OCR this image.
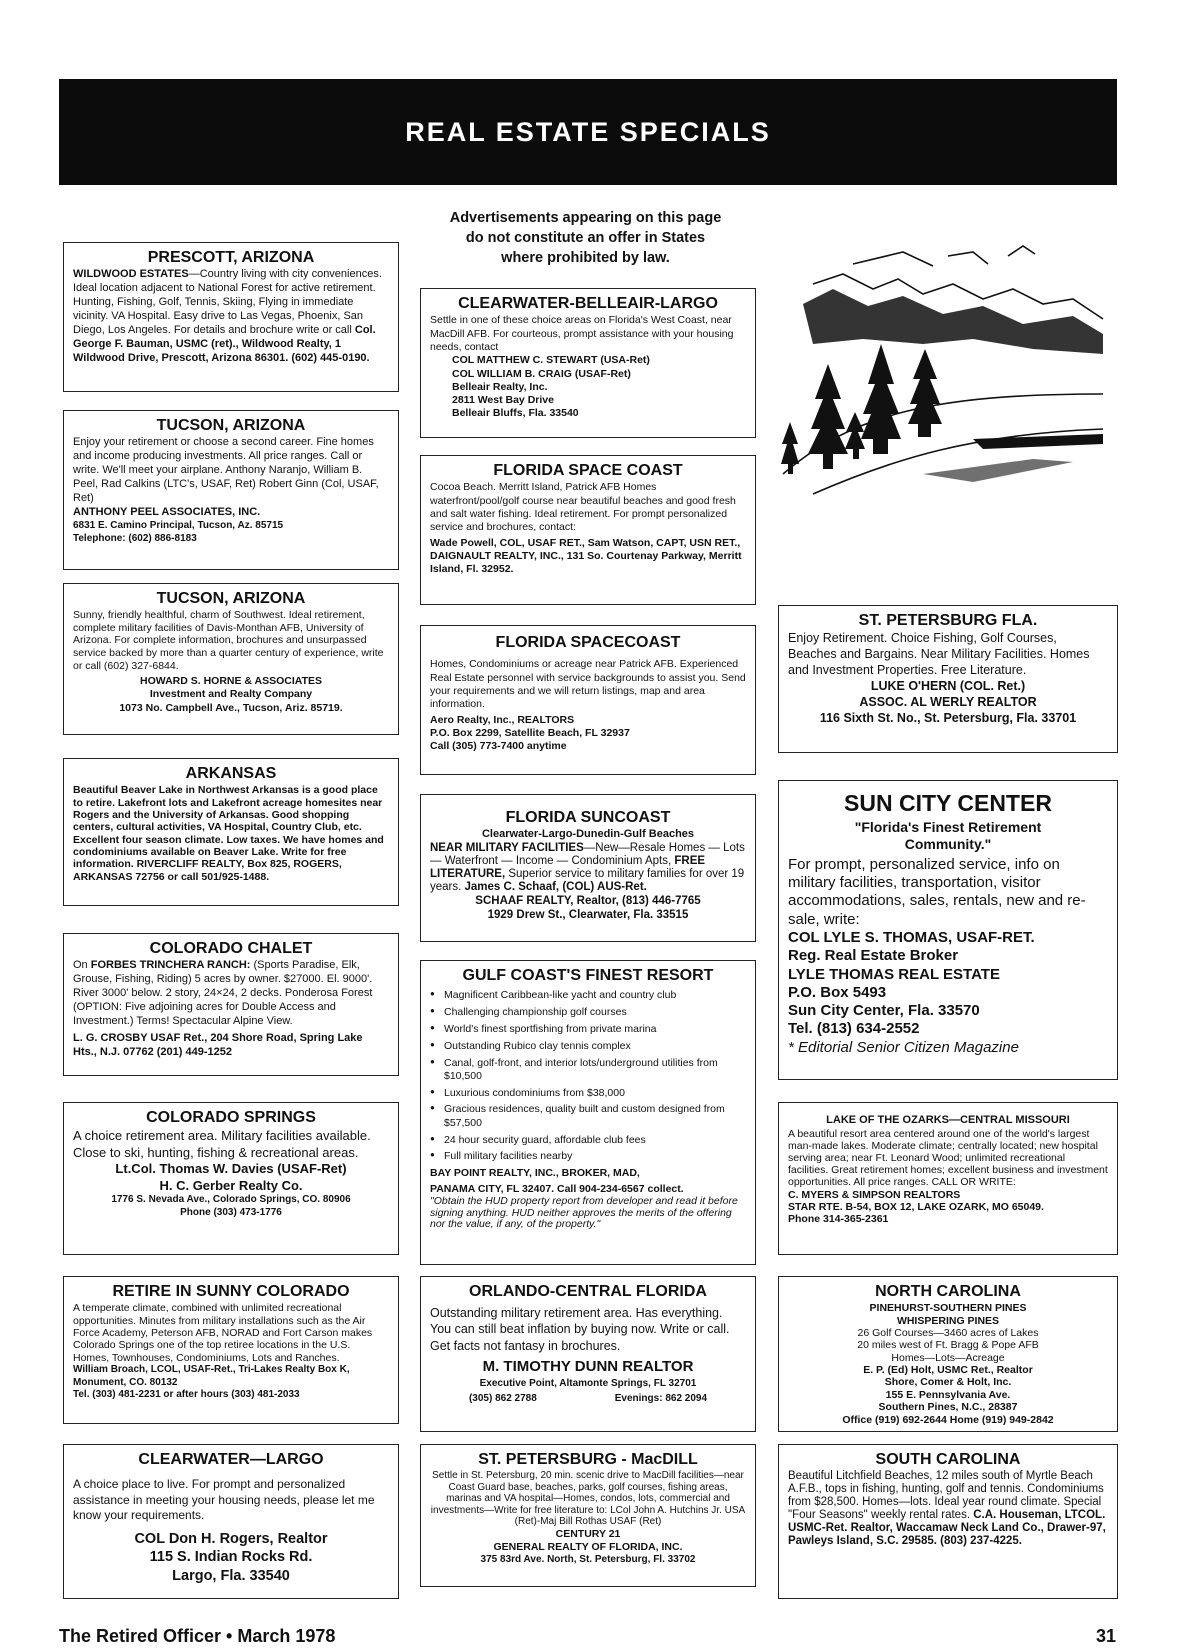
REAL ESTATE SPECIALS
Advertisements appearing on this page
do not constitute an offer in States
where prohibited by law.
PRESCOTT, ARIZONA

WILDWOOD ESTATES—Country living with city conveniences. Ideal location adjacent to National Forest for active retirement. Hunting, Fishing, Golf, Tennis, Skiing, Flying in immediate vicinity. VA Hospital. Easy drive to Las Vegas, Phoenix, San Diego, Los Angeles. For details and brochure write or call Col. George F. Bauman, USMC (ret)., Wildwood Realty, 1 Wildwood Drive, Prescott, Arizona 86301. (602) 445-0190.

TUCSON, ARIZONA

Enjoy your retirement or choose a second career. Fine homes and income producing investments. All price ranges. Call or write. We'll meet your airplane. Anthony Naranjo, William B. Peel, Rad Calkins (LTC's, USAF, Ret) Robert Ginn (Col, USAF, Ret)

ANTHONY PEEL ASSOCIATES, INC.

6831 E. Camino Principal, Tucson, Az. 85715

Telephone: (602) 886-8183

TUCSON, ARIZONA

Sunny, friendly healthful, charm of Southwest. Ideal retirement, complete military facilities of Davis-Monthan AFB, University of Arizona. For complete information, brochures and unsurpassed service backed by more than a quarter century of experience, write or call (602) 327-6844.

HOWARD S. HORNE & ASSOCIATES

Investment and Realty Company

1073 No. Campbell Ave., Tucson, Ariz. 85719.

ARKANSAS

Beautiful Beaver Lake in Northwest Arkansas is a good place to retire. Lakefront lots and Lakefront acreage homesites near Rogers and the University of Arkansas. Good shopping centers, cultural activities, VA Hospital, Country Club, etc. Excellent four season climate. Low taxes. We have homes and condominiums available on Beaver Lake. Write for free information. RIVERCLIFF REALTY, Box 825, ROGERS, ARKANSAS 72756 or call 501/925-1488.

COLORADO CHALET

On FORBES TRINCHERA RANCH: (Sports Paradise, Elk, Grouse, Fishing, Riding) 5 acres by owner. $27000. El. 9000'. River 3000' below. 2 story, 24×24, 2 decks. Ponderosa Forest (OPTION: Five adjoining acres for Double Access and Investment.) Terms! Spectacular Alpine View.

L. G. CROSBY USAF Ret., 204 Shore Road, Spring Lake Hts., N.J. 07762 (201) 449-1252

COLORADO SPRINGS

A choice retirement area. Military facilities available. Close to ski, hunting, fishing & recreational areas.

Lt.Col. Thomas W. Davies (USAF-Ret)

H. C. Gerber Realty Co.

1776 S. Nevada Ave., Colorado Springs, CO. 80906

Phone (303) 473-1776

RETIRE IN SUNNY COLORADO

A temperate climate, combined with unlimited recreational opportunities. Minutes from military installations such as the Air Force Academy, Peterson AFB, NORAD and Fort Carson makes Colorado Springs one of the top retiree locations in the U.S. Homes, Townhouses, Condominiums, Lots and Ranches.

William Broach, LCOL, USAF-Ret., Tri-Lakes Realty Box K, Monument, CO. 80132

Tel. (303) 481-2231 or after hours (303) 481-2033

CLEARWATER—LARGO

A choice place to live. For prompt and personalized assistance in meeting your housing needs, please let me know your requirements.

COL Don H. Rogers, Realtor

115 S. Indian Rocks Rd.

Largo, Fla. 33540

CLEARWATER-BELLEAIR-LARGO

Settle in one of these choice areas on Florida's West Coast, near MacDill AFB. For courteous, prompt assistance with your housing needs, contact

COL MATTHEW C. STEWART (USA-Ret)

COL WILLIAM B. CRAIG (USAF-Ret)

Belleair Realty, Inc.

2811 West Bay Drive

Belleair Bluffs, Fla. 33540

FLORIDA SPACE COAST

Cocoa Beach. Merritt Island, Patrick AFB Homes waterfront/pool/golf course near beautiful beaches and good fresh and salt water fishing. Ideal retirement. For prompt personalized service and brochures, contact:

Wade Powell, COL, USAF RET., Sam Watson, CAPT, USN RET., DAIGNAULT REALTY, INC., 131 So. Courtenay Parkway, Merritt Island, Fl. 32952.

FLORIDA SPACECOAST

Homes, Condominiums or acreage near Patrick AFB. Experienced Real Estate personnel with service backgrounds to assist you. Send your requirements and we will return listings, map and area information.

Aero Realty, Inc., REALTORS

P.O. Box 2299, Satellite Beach, FL 32937

Call (305) 773-7400 anytime

FLORIDA SUNCOAST

Clearwater-Largo-Dunedin-Gulf Beaches

NEAR MILITARY FACILITIES—New—Resale Homes — Lots — Waterfront — Income — Condominium Apts, FREE LITERATURE, Superior service to military families for over 19 years. James C. Schaaf, (COL) AUS-Ret.

SCHAAF REALTY, Realtor, (813) 446-7765

1929 Drew St., Clearwater, Fla. 33515

GULF COAST'S FINEST RESORT
● Magnificent Caribbean-like yacht and country club
● Challenging championship golf courses
● World's finest sportfishing from private marina
● Outstanding Rubico clay tennis complex
● Canal, golf-front, and interior lots/underground utilities from $10,500
● Luxurious condominiums from $38,000
● Gracious residences, quality built and custom designed from $57,500
● 24 hour security guard, affordable club fees
● Full military facilities nearby

BAY POINT REALTY, INC., BROKER, MAD,

PANAMA CITY, FL 32407. Call 904-234-6567 collect.

"Obtain the HUD property report from developer and read it before signing anything. HUD neither approves the merits of the offering nor the value, if any, of the property."

ORLANDO-CENTRAL FLORIDA

Outstanding military retirement area. Has everything. You can still beat inflation by buying now. Write or call. Get facts not fantasy in brochures.

M. TIMOTHY DUNN REALTOR

Executive Point, Altamonte Springs, FL 32701

(305) 862 2788	Evenings: 862 2094

ST. PETERSBURG - MacDILL

Settle in St. Petersburg, 20 min. scenic drive to MacDill facilities—near Coast Guard base, beaches, parks, golf courses, fishing areas, marinas and VA hospital—Homes, condos, lots, commercial and investments—Write for free literature to: LCol John A. Hutchins Jr. USA (Ret)-Maj Bill Rothas USAF (Ret)

CENTURY 21

GENERAL REALTY OF FLORIDA, INC.

375 83rd Ave. North, St. Petersburg, Fl. 33702

ST. PETERSBURG FLA.

Enjoy Retirement. Choice Fishing, Golf Courses, Beaches and Bargains. Near Military Facilities. Homes and Investment Properties. Free Literature.

LUKE O'HERN (COL. Ret.)

ASSOC. AL WERLY REALTOR

116 Sixth St. No., St. Petersburg, Fla. 33701

SUN CITY CENTER

"Florida's Finest Retirement

Community."

For prompt, personalized service, info on military facilities, transportation, visitor accommodations, sales, rentals, new and re-sale, write:

COL LYLE S. THOMAS, USAF-RET.

Reg. Real Estate Broker

LYLE THOMAS REAL ESTATE

P.O. Box 5493

Sun City Center, Fla. 33570

Tel. (813) 634-2552

* Editorial Senior Citizen Magazine

LAKE OF THE OZARKS—CENTRAL MISSOURI

A beautiful resort area centered around one of the world's largest man-made lakes. Moderate climate; centrally located; new hospital serving area; near Ft. Leonard Wood; unlimited recreational facilities. Great retirement homes; excellent business and investment opportunities. All price ranges. CALL OR WRITE:

C. MYERS & SIMPSON REALTORS

STAR RTE. B-54, BOX 12, LAKE OZARK, MO 65049.

Phone 314-365-2361

NORTH CAROLINA

PINEHURST-SOUTHERN PINES

WHISPERING PINES

26 Golf Courses—3460 acres of Lakes

20 miles west of Ft. Bragg & Pope AFB

Homes—Lots—Acreage

E. P. (Ed) Holt, USMC Ret., Realtor

Shore, Comer & Holt, Inc.

155 E. Pennsylvania Ave.

Southern Pines, N.C., 28387

Office (919) 692-2644 Home (919) 949-2842

SOUTH CAROLINA

Beautiful Litchfield Beaches, 12 miles south of Myrtle Beach A.F.B., tops in fishing, hunting, golf and tennis. Condominiums from $28,500. Homes—lots. Ideal year round climate. Special "Four Seasons" weekly rental rates. C.A. Houseman, LTCOL. USMC-Ret. Realtor, Waccamaw Neck Land Co., Drawer-97, Pawleys Island, S.C. 29585. (803) 237-4225.

The Retired Officer • March 1978	31
